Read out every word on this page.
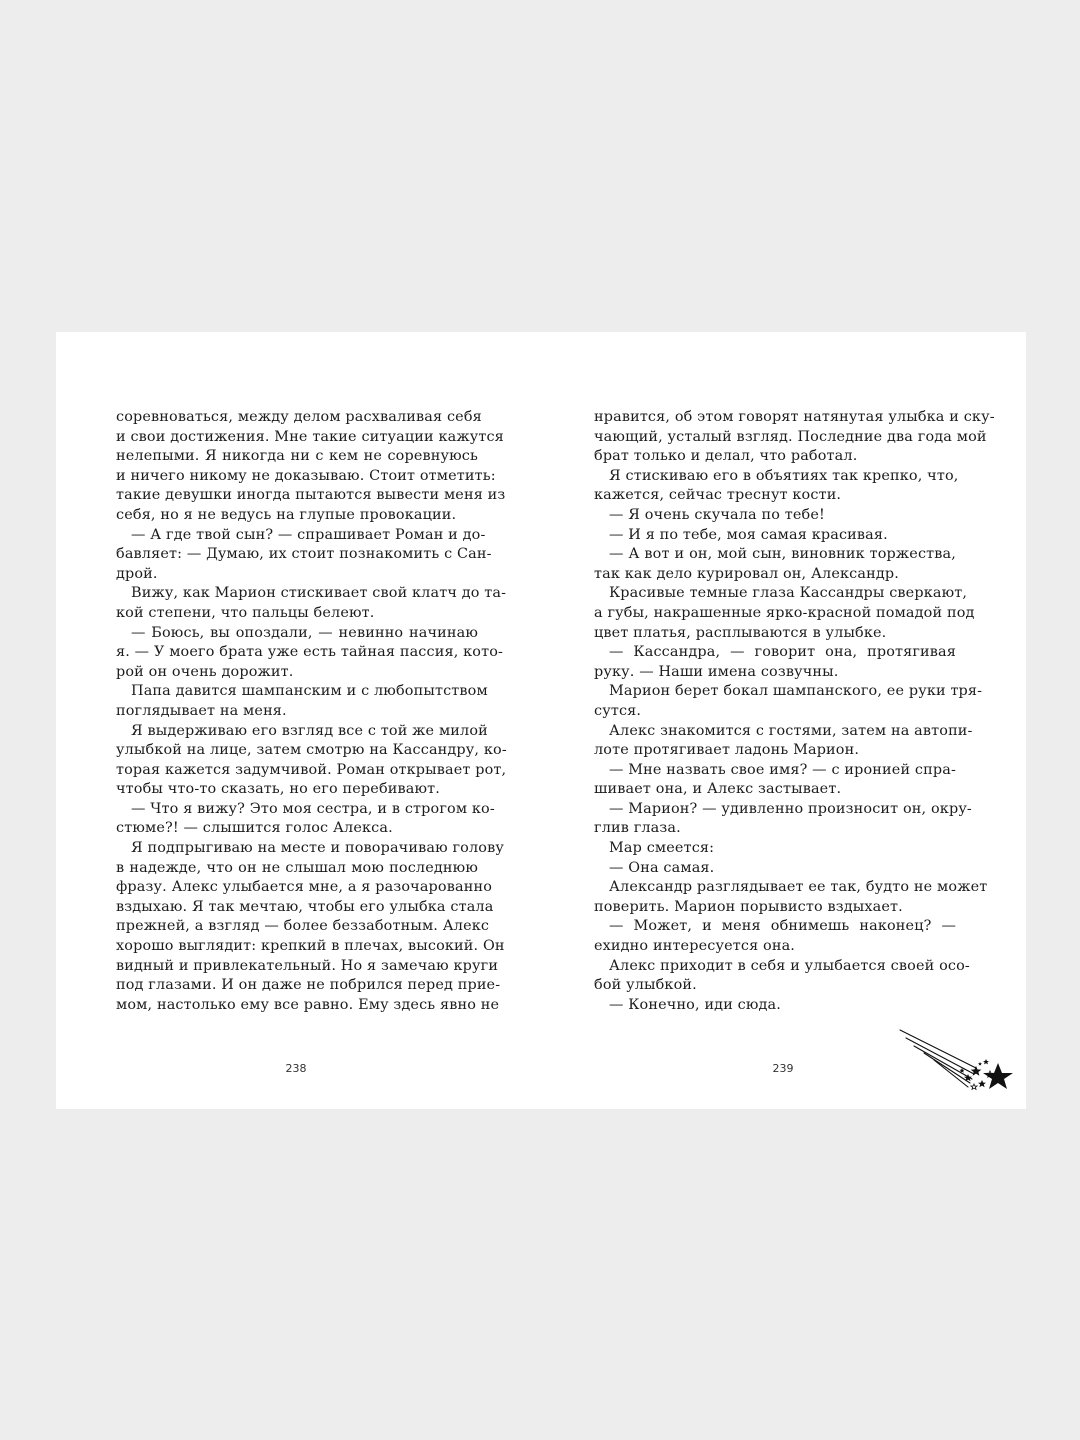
соревноваться, между делом расхваливая себя
и свои достижения. Мне такие ситуации кажутся
нелепыми. Я никогда ни с кем не соревнуюсь
и ничего никому не доказываю. Стоит отметить:
такие девушки иногда пытаются вывести меня из
себя, но я не ведусь на глупые провокации.
— А где твой сын? — спрашивает Роман и до-
бавляет: — Думаю, их стоит познакомить с Сан-
дрой.
Вижу, как Марион стискивает свой клатч до та-
кой степени, что пальцы белеют.
— Боюсь, вы опоздали, — невинно начинаю
я. — У моего брата уже есть тайная пассия, кото-
рой он очень дорожит.
Папа давится шампанским и с любопытством
поглядывает на меня.
Я выдерживаю его взгляд все с той же милой
улыбкой на лице, затем смотрю на Кассандру, ко-
торая кажется задумчивой. Роман открывает рот,
чтобы что-то сказать, но его перебивают.
— Что я вижу? Это моя сестра, и в строгом ко-
стюме?! — слышится голос Алекса.
Я подпрыгиваю на месте и поворачиваю голову
в надежде, что он не слышал мою последнюю
фразу. Алекс улыбается мне, а я разочарованно
вздыхаю. Я так мечтаю, чтобы его улыбка стала
прежней, а взгляд — более беззаботным. Алекс
хорошо выглядит: крепкий в плечах, высокий. Он
видный и привлекательный. Но я замечаю круги
под глазами. И он даже не побрился перед прие-
мом, настолько ему все равно. Ему здесь явно не
нравится, об этом говорят натянутая улыбка и ску-
чающий, усталый взгляд. Последние два года мой
брат только и делал, что работал.
Я стискиваю его в объятиях так крепко, что,
кажется, сейчас треснут кости.
— Я очень скучала по тебе!
— И я по тебе, моя самая красивая.
— А вот и он, мой сын, виновник торжества,
так как дело курировал он, Александр.
Красивые темные глаза Кассандры сверкают,
а губы, накрашенные ярко-красной помадой под
цвет платья, расплываются в улыбке.
— Кассандра, — говорит она, протягивая
руку. — Наши имена созвучны.
Марион берет бокал шампанского, ее руки тря-
сутся.
Алекс знакомится с гостями, затем на автопи-
лоте протягивает ладонь Марион.
— Мне назвать свое имя? — с иронией спра-
шивает она, и Алекс застывает.
— Марион? — удивленно произносит он, окру-
глив глаза.
Мар смеется:
— Она самая.
Александр разглядывает ее так, будто не может
поверить. Марион порывисто вздыхает.
— Может, и меня обнимешь наконец? —
ехидно интересуется она.
Алекс приходит в себя и улыбается своей осо-
бой улыбкой.
— Конечно, иди сюда.
238	239
